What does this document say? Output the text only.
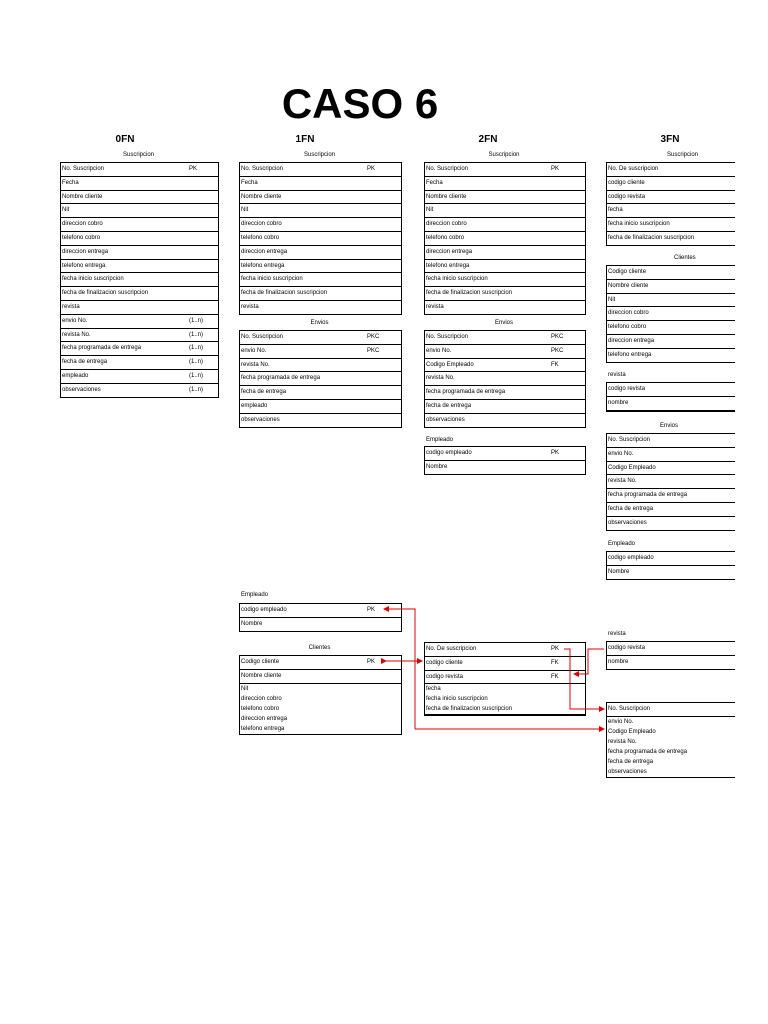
CASO 6
0FN	1FN	2FN	3FN
Suscripcion
No. Suscripcion	PK
Fecha
Nombre cliente
Nit
direccion cobro
telefono cobro
direccion entrega
telefono entrega
fecha inicio suscripcion
fecha de finalizacion suscripcion
revista
envio No.	(1..n)
revista No.	(1..n)
fecha programada de entrega	(1..n)
fecha de entrega	(1..n)
empleado	(1..n)
observaciones	(1..n)
Suscripcion
No. Suscripcion	PK
Fecha
Nombre cliente
Nit
direccion cobro
telefono cobro
direccion entrega
telefono entrega
fecha inicio suscripcion
fecha de finalizacion suscripcion
revista
Envios
No. Suscripcion	PKC
envio No.	PKC
revista No.
fecha programada de entrega
fecha de entrega
empleado
observaciones
Empleado
codigo empleado	PK
Nombre
Clientes
Codigo cliente	PK
Nombre cliente
Nit
direccion cobro
telefono cobro
direccion entrega
telefono entrega
No. De suscripcion	PK
codigo cliente	FK
codigo revista	FK
fecha
fecha inicio suscripcion
fecha de finalizacion suscripcion
Suscripcion
No. Suscripcion	PK
Fecha
Nombre cliente
Nit
direccion cobro
telefono cobro
direccion entrega
telefono entrega
fecha inicio suscripcion
fecha de finalizacion suscripcion
revista
Envios
No. Suscripcion	PKC
envio No.	PKC
Codigo Empleado	FK
revista No.
fecha programada de entrega
fecha de entrega
observaciones
Empleado
codigo empleado	PK
Nombre
Suscripcion
No. De suscripcion
codigo cliente
codigo revista
fecha
fecha inicio suscripcion
fecha de finalizacion suscripcion
Clientes
Codigo cliente
Nombre cliente
Nit
direccion cobro
telefono cobro
direccion entrega
telefono entrega
revista
codigo revista
nombre
Envios
No. Suscripcion
envio No.
Codigo Empleado
revista No.
fecha programada de entrega
fecha de entrega
observaciones
Empleado
codigo empleado
Nombre
revista
codigo revista
nombre
No. Suscripcion
envio No.
Codigo Empleado
revista No.
fecha programada de entrega
fecha de entrega
observaciones
